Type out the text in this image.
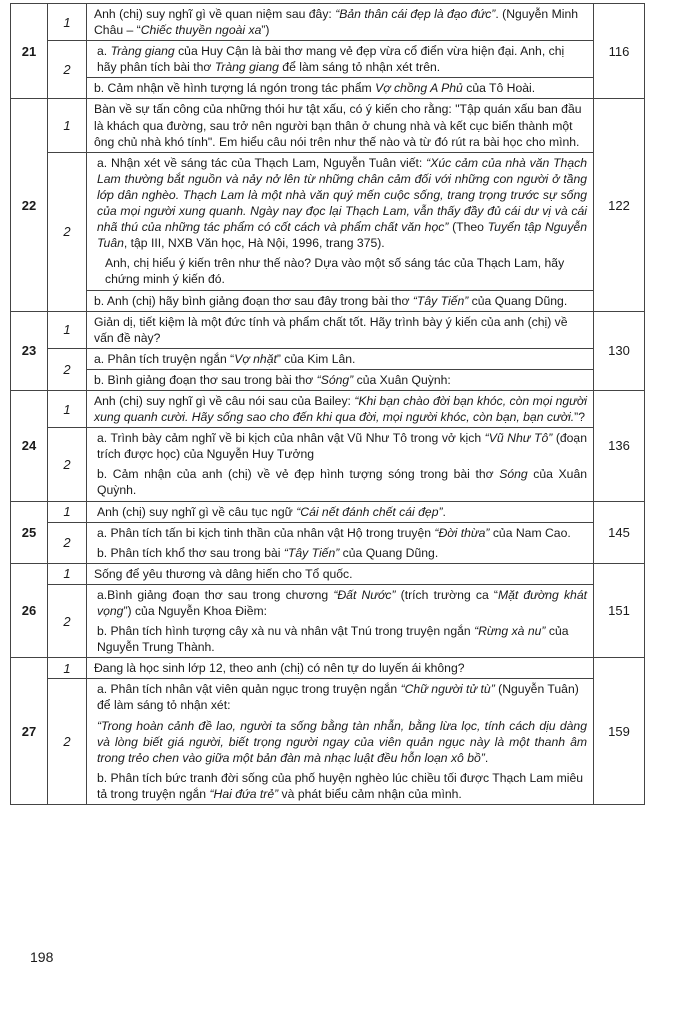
21	1	Anh (chị) suy nghĩ gì về quan niệm sau đây: “Bản thân cái đẹp là đạo đức”. (Nguyễn Minh Châu – “Chiếc thuyền ngoài xa”)	116
	2	a. Tràng giang của Huy Cận là bài thơ mang vẻ đẹp vừa cổ điển vừa hiện đại. Anh, chị hãy phân tích bài thơ Tràng giang để làm sáng tỏ nhận xét trên.
b. Cảm nhận về hình tượng lá ngón trong tác phẩm Vợ chồng A Phủ của Tô Hoài.	

22	1	Bàn về sự tấn công của những thói hư tật xấu, có ý kiến cho rằng: "Tập quán xấu ban đầu là khách qua đường, sau trở nên người bạn thân ở chung nhà và kết cục biến thành một ông chủ nhà khó tính". Em hiểu câu nói trên như thế nào và từ đó rút ra bài học cho mình.	122
	2	a. Nhận xét về sáng tác của Thạch Lam, Nguyễn Tuân viết: “Xúc cảm của nhà văn Thạch Lam thường bắt nguồn và nảy nở lên từ những chân cảm đối với những con người ở tầng lớp dân nghèo. Thạch Lam là một nhà văn quý mến cuộc sống, trang trọng trước sự sống của mọi người xung quanh. Ngày nay đọc lại Thạch Lam, vẫn thấy đầy đủ cái dư vị và cái nhã thú của những tác phẩm có cốt cách và phẩm chất văn học” (Theo Tuyển tập Nguyễn Tuân, tập III, NXB Văn học, Hà Nội, 1996, trang 375).
Anh, chị hiểu ý kiến trên như thế nào? Dựa vào một số sáng tác của Thạch Lam, hãy chứng minh ý kiến đó.
b. Anh (chị) hãy bình giảng đoạn thơ sau đây trong bài thơ “Tây Tiến” của Quang Dũng.	

23	1	Giản dị, tiết kiệm là một đức tính và phẩm chất tốt. Hãy trình bày ý kiến của anh (chị) về vấn đề này?	130
	2	a. Phân tích truyện ngắn “Vợ nhặt” của Kim Lân.
b. Bình giảng đoạn thơ sau trong bài thơ “Sóng” của Xuân Quỳnh:	

24	1	Anh (chị) suy nghĩ gì về câu nói sau của Bailey: “Khi bạn chào đời bạn khóc, còn mọi người xung quanh cười. Hãy sống sao cho đến khi qua đời, mọi người khóc, còn bạn, bạn cười.”?	136
	2	a. Trình bày cảm nghĩ về bi kịch của nhân vật Vũ Như Tô trong vở kịch “Vũ Như Tô” (đoạn trích được học) của Nguyễn Huy Tưởng
b. Cảm nhận của anh (chị) về vẻ đẹp hình tượng sóng trong bài thơ Sóng của Xuân Quỳnh.	

25	1	Anh (chị) suy nghĩ gì về câu tục ngữ “Cái nết đánh chết cái đẹp”.	145
	2	a. Phân tích tấn bi kịch tinh thần của nhân vật Hộ trong truyện “Đời thừa” của Nam Cao.
b. Phân tích khổ thơ sau trong bài “Tây Tiến” của Quang Dũng.	

26	1	Sống để yêu thương và dâng hiến cho Tổ quốc.	151
	2	a.Bình giảng đoạn thơ sau trong chương “Đất Nước” (trích trường ca “Mặt đường khát vọng”) của Nguyễn Khoa Điềm:
b. Phân tích hình tượng cây xà nu và nhân vật Tnú trong truyện ngắn “Rừng xà nu” của Nguyễn Trung Thành.	

27	1	Đang là học sinh lớp 12, theo anh (chị) có nên tự do luyến ái không?	159
	2	a. Phân tích nhân vật viên quản ngục trong truyện ngắn “Chữ người tử tù” (Nguyễn Tuân) để làm sáng tỏ nhận xét:
“Trong hoàn cảnh đề lao, người ta sống bằng tàn nhẫn, bằng lừa lọc, tính cách dịu dàng và lòng biết giá người, biết trọng người ngay của viên quản ngục này là một thanh âm trong trẻo chen vào giữa một bản đàn mà nhạc luật đều hỗn loạn xô bồ”.
b. Phân tích bức tranh đời sống của phố huyện nghèo lúc chiều tối được Thạch Lam miêu tả trong truyện ngắn “Hai đứa trẻ” và phát biểu cảm nhận của mình.	
198
